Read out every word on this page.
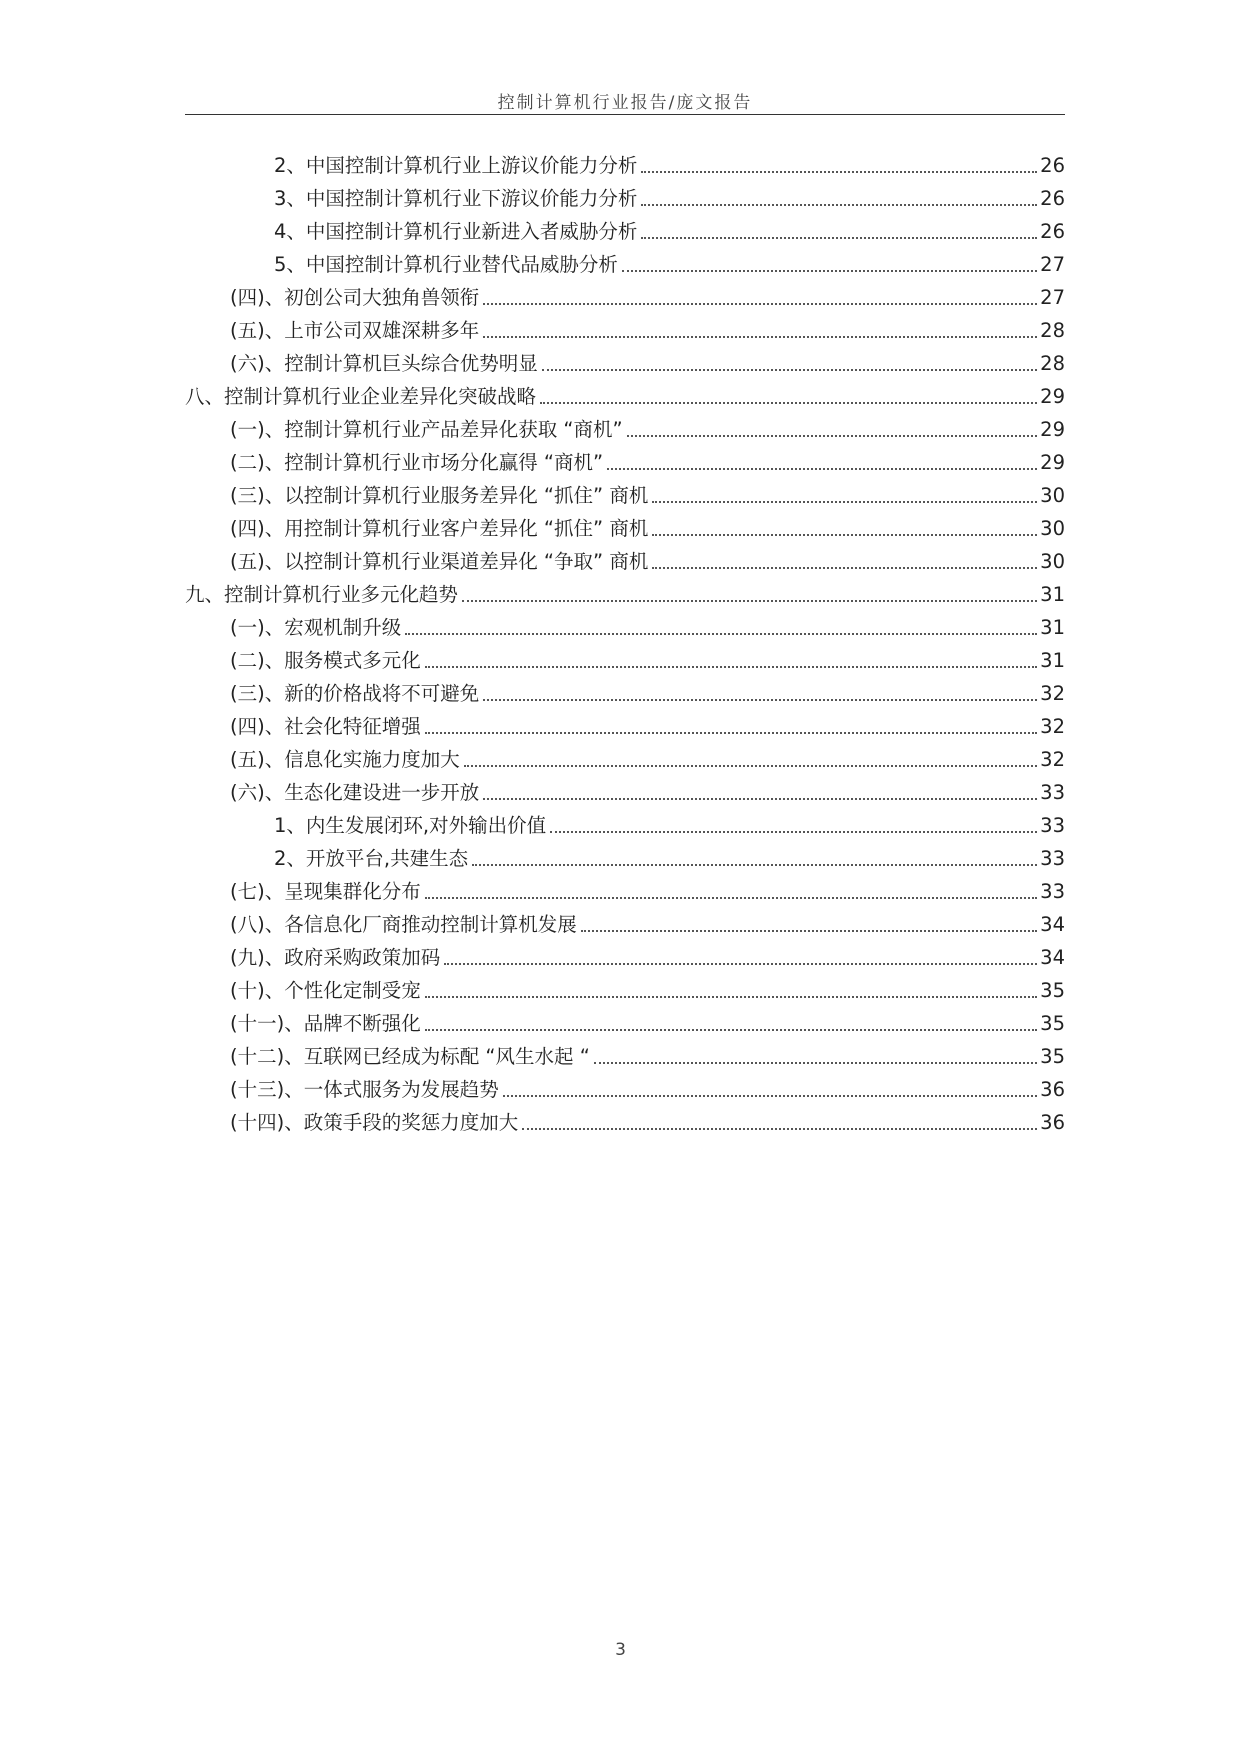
控制计算机行业报告/庞文报告
2、中国控制计算机行业上游议价能力分析	26
3、中国控制计算机行业下游议价能力分析	26
4、中国控制计算机行业新进入者威胁分析	26
5、中国控制计算机行业替代品威胁分析	27
(四)、初创公司大独角兽领衔	27
(五)、上市公司双雄深耕多年	28
(六)、控制计算机巨头综合优势明显	28
八、控制计算机行业企业差异化突破战略	29
(一)、控制计算机行业产品差异化获取 “商机”	29
(二)、控制计算机行业市场分化赢得 “商机”	29
(三)、以控制计算机行业服务差异化 “抓住” 商机	30
(四)、用控制计算机行业客户差异化 “抓住” 商机	30
(五)、以控制计算机行业渠道差异化 “争取” 商机	30
九、控制计算机行业多元化趋势	31
(一)、宏观机制升级	31
(二)、服务模式多元化	31
(三)、新的价格战将不可避免	32
(四)、社会化特征增强	32
(五)、信息化实施力度加大	32
(六)、生态化建设进一步开放	33
1、内生发展闭环,对外输出价值	33
2、开放平台,共建生态	33
(七)、呈现集群化分布	33
(八)、各信息化厂商推动控制计算机发展	34
(九)、政府采购政策加码	34
(十)、个性化定制受宠	35
(十一)、品牌不断强化	35
(十二)、互联网已经成为标配 “风生水起 “	35
(十三)、一体式服务为发展趋势	36
(十四)、政策手段的奖惩力度加大	36
3
